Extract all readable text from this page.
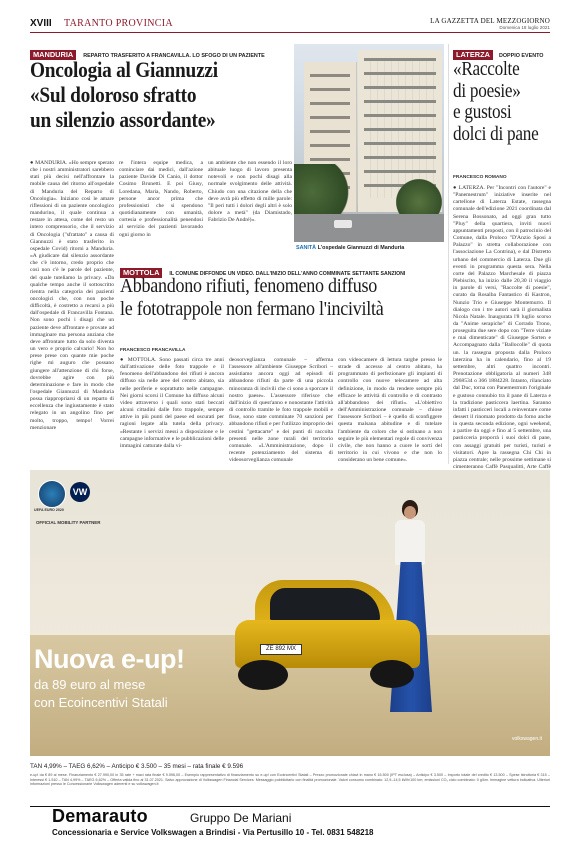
XVIII TARANTO PROVINCIA	LA GAZZETTA DEL MEZZOGIORNO
Domenica 18 luglio 2021
MANDURIA REPARTO TRASFERITO A FRANCAVILLA. LO SFOGO DI UN PAZIENTE
Oncologia al Giannuzzi
«Sul doloroso sfratto
un silenzio assordante»
● MANDURIA. «Ho sempre sperato che i nostri amministratori sarebbero stati più decisi nell'affrontare la mobile causa del ritorno all'ospedale di Manduria del Reparto di Oncologia». Iniziano così le amare riflessioni di un paziente oncologico mandurino, il quale continua a restare in attesa, come del resto un intero comprensorio, che il servizio di Oncologia ("sfrattato" a causa di Giannuzzi è stato trasferito in ospedale Covid) ritorni a Manduria. «A giudicare dal silenzio assordante che c'è intorno, credo proprio che così non c'è le parole del paziente, del quale tuteliamo la privacy. «Da qualche tempo anche il sottoscritto rientra nella categoria dei pazienti oncologici che, con non poche difficoltà, è costretto a recarsi a più dall'ospedale di Francavilla Fontana. Non sono pochi i disagi che un paziente deve affrontare e provate ad immaginare ma persona anziana che deve affrontare tutto da solo diventa un vero e proprio calvario! Non ho prese prese con quante mie poche righe mi auguro che possano giungere all'attenzione di chi forse, dovrebbe agire con più determinazione e fare in modo che l'ospedale Giannuzzi di Manduria possa riappropriarsi di un reparto di eccellenza che ingiustamente è stato relegato in un angolino fino per molto, troppo, tempo! Vorrei menzionare
re l'intera equipe medica, a cominciare dai medici, dall'azione paziente Davide Di Canio, il dottor Cosimo Brunetti. E poi Giusy, Loredana, Maria, Nando, Roberto, persone ancor prima che professionisti che si spendono quotidianamente con umanità, cortesia e professionalità penendosi al servizio dei pazienti lavorando ogni giorno in
un ambiente che non essendo il loro abituale luogo di lavoro presenta notevoli e non pochi disagi alla normale svolgimento delle attività. Chiudo con una citazione della che deve avrà più effetto di mille parole: "Il peri tutti i dolori degli altri è solo dolore a metà" (da Diamistado, Fabrizio De André)».
SANITÀ L'ospedale Giannuzzi di Manduria
LATERZA DOPPIO EVENTO
«Raccolte
di poesie»
e gustosi
dolci di pane
FRANCESCO ROMANO
● LATERZA. Per "Incontri con l'autore" e "Panemestrum" iniziative inserite nel cartellone di Laterza Estate, rassegna comunale dell'edizione 2021 coordinata dal Serena Bossonato, ad oggi gran tutto "Pluy" della quartiera, inviti nuovi appuntamenti proposti, con il patrocinio del Comune, dalla Proloco "D'Anzio Sposi a Palazzo" in stretta collaborazione con l'associazione La Contrina), e dal Distretto urbano del commercio di Laterza. Due gli eventi in programma questa sera. Nella corte del Palazzo Marchesale di piazza Plebiscito, ha inizio dalle 20,30 il viaggio in parole di versi, "Raccolte di poesie", curato da Rosalba Fantastico di Kastron, Nunzio Trio e Giuseppe Montemurro. Il dialogo con i tre autori sarà il giornalista Nicola Natale. Inaugurata l'8 luglio scorso da "Anime serapiche" di Corrado Trono, proseguita due sere dopo con "Terre viziate e mai dimenticate" di Giuseppe Sorten e Accompagnato dalla "Ballocolle" di quota un. la rassegna proposta dalla Proloco laterzina ha in calendario, fino al 19 settembre, altri quattro incontri. Prenotazione obbligatoria al numeri 348 2968534 o 366 1884228. Intanto, rilanciato dal Duc, torna con Panemestrum l'originale e gustoso connubio tra il pane di Laterza e la tradizione pasticcera laertina. Saranno infatti i pasticceri locali a reinventare come dessert il rinomato prodotto da forno anche in questa seconda edizione, ogni weekend, a partire da oggi e fino al 5 settembre, una pasticceria proporrà i suoi dolci di pane, con assaggi gratuiti per turisti, turisti e visitatori. Apre la rassegna Chi Chi in piazza centrale; nelle prossime settimane si cimenteranno Caffè Pasqualitti, Arte Caffè
MOTTOLA IL COMUNE DIFFONDE UN VIDEO. DALL'INIZIO DELL'ANNO COMMINATE SETTANTE SANZIONI
Abbandono rifiuti, fenomeno diffuso
le fototrappole non fermano l'inciviltà
FRANCESCO FRANCAVILLA
● MOTTOLA. Sono passati circa tre anni dall'attivazione delle foto trappole e il fenomeno dell'abbandono dei rifiuti è ancora diffuso sia nelle aree del centro abitato, sia nelle periferie e soprattutto nelle campagne. Nei giorni scorsi il Comune ha diffuso alcuni video attraverso i quali sono stati beccati alcuni cittadini dalle foto trappole, sempre attive in più punti del paese ed oscurati per ragioni legate alla tutela della privacy. «Restante i servizi messi a disposizione e le campagne informative e le pubblicazioni delle immagini catturate dalla vi-
deosorveglianza comunale – afferma l'assessore all'ambiente Giuseppe Scribori – assistiamo ancora oggi ad episodi di abbandono rifiuti da parte di una piccola minoranza di incivili che ci sono a sporcare il nostro paese». L'assessore riferisce che dall'inizio di quest'anno e nonostante l'attività di controllo tramite le foto trappole mobili e fisse, sono state comminate 70 sanzioni per abbandono rifiuti e per l'utilizzo improprio dei cestini "gettacarte" e dei punti di raccolta presenti nelle zone rurali del territorio comunale. «L'Amministrazione, dopo il recente potenziamento del sistema di videosorveglianza comunale
con videocamere di lettura targhe presso le strade di accesso al centro abitato, ha programmato di perfezionare gli impianti di controllo con nuove telecamere ad alta definizione, in modo da rendere sempre più efficace le attività di controllo e di contrasto all'abbandono dei rifiuti». «L'obiettivo dell'Amministrazione comunale – chiose l'assessore Scribori – è quello di sconfiggere questa malsana abitudine e di tutelare l'ambiente da coloro che si ostinano a non seguire le più elementari regole di convivenza civile, che non hanno a cuore le sorti del territorio in cui vivono e che non lo considerano un bene comune».
UEFA EURO 2020
VW
OFFICIAL MOBILITY PARTNER
ZE 892 MX
Nuova e-up!
da 89 euro al mese
con Ecoincentivi Statali
volkswagen.it
TAN 4,99% – TAEG 6,62% – Anticipo € 3.500 – 35 mesi – rata finale € 9.596
e-up! da € 89 al mese. Finanziamento € 27.990,00 in 35 rate + maxi rata finale € 9.596,00 – Esempio rappresentativo di finanziamento su e-up! con Ecoincentivi Statali – Prezzo promozionale chiavi in mano € 16.500 (IPT esclusa) – Anticipo € 3.500 – Importo totale del credito € 13.500 – Spese istruttoria € 315 – Interessi € 1.510 – TAN 4,99% – TAEG 6,62% – Offerta valida fino al 31.07.2021. Salvo approvazione di Volkswagen Financial Services. Messaggio pubblicitario con finalità promozionale. Valori consumo combinato: 12,9–14,5 kWh/100 km; emissioni CO₂ ciclo combinato: 0 g/km. Immagine vettura indicativa. Ulteriori informazioni presso le Concessionarie Volkswagen aderenti e su volkswagen.it
Demarauto	Gruppo De Mariani
Concessionaria e Service Volkswagen a Brindisi - Via Pertusillo 10 - Tel. 0831 548218
